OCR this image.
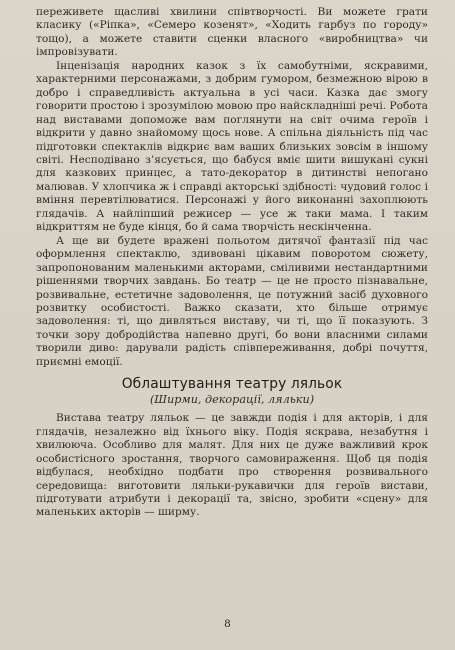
переживете щасливі хвилини співтворчості. Ви можете грати класику («Ріпка», «Семеро козенят», «Ходить гарбуз по городу» тощо), а можете ставити сценки власного «виробництва» чи імпровізувати.

Інценізація народних казок з їх самобутніми, яскравими, характерними персонажами, з добрим гумором, безмежною вірою в добро і справедливість актуальна в усі часи. Казка дає змогу говорити простою і зрозумілою мовою про найскладніші речі. Робота над виставами допоможе вам поглянути на світ очима героїв і відкрити у давно знайомому щось нове. А спільна діяльність під час підготовки спектаклів відкриє вам ваших близьких зовсім в іншому світі. Несподівано з’ясується, що бабуся вміє шити вишукані сукні для казкових принцес, а тато-декоратор в дитинстві непогано малював. У хлопчика ж і справді акторські здібності: чудовий голос і вміння перевтілюватися. Персонажі у його виконанні захоплюють глядачів. А найліпший режисер — усе ж таки мама. І таким відкриттям не буде кінця, бо й сама творчість нескінченна.

А ще ви будете вражені польотом дитячої фантазії під час оформлення спектаклю, здивовані цікавим поворотом сюжету, запропонованим маленькими акторами, сміливими нестандартними рішеннями творчих завдань. Бо театр — це не просто пізнавальне, розвивальне, естетичне задоволення, це потужний засіб духовного розвитку особистості. Важко сказати, хто більше отримує задоволення: ті, що дивляться виставу, чи ті, що її показують. З точки зору добродійства напевно другі, бо вони власними силами творили диво: дарували радість співпереживання, добрі почуття, приємні емоції.

Облаштування театру ляльок
(Ширми, декорації, ляльки)

Вистава театру ляльок — це завжди подія і для акторів, і для глядачів, незалежно від їхнього віку. Подія яскрава, незабутня і хвилююча. Особливо для малят. Для них це дуже важливий крок особистісного зростання, творчого самовираження. Щоб ця подія відбулася, необхідно подбати про створення розвивального середовища: виготовити ляльки-рукавички для героїв вистави, підготувати атрибути і декорації та, звісно, зробити «сцену» для маленьких акторів — ширму.

8
